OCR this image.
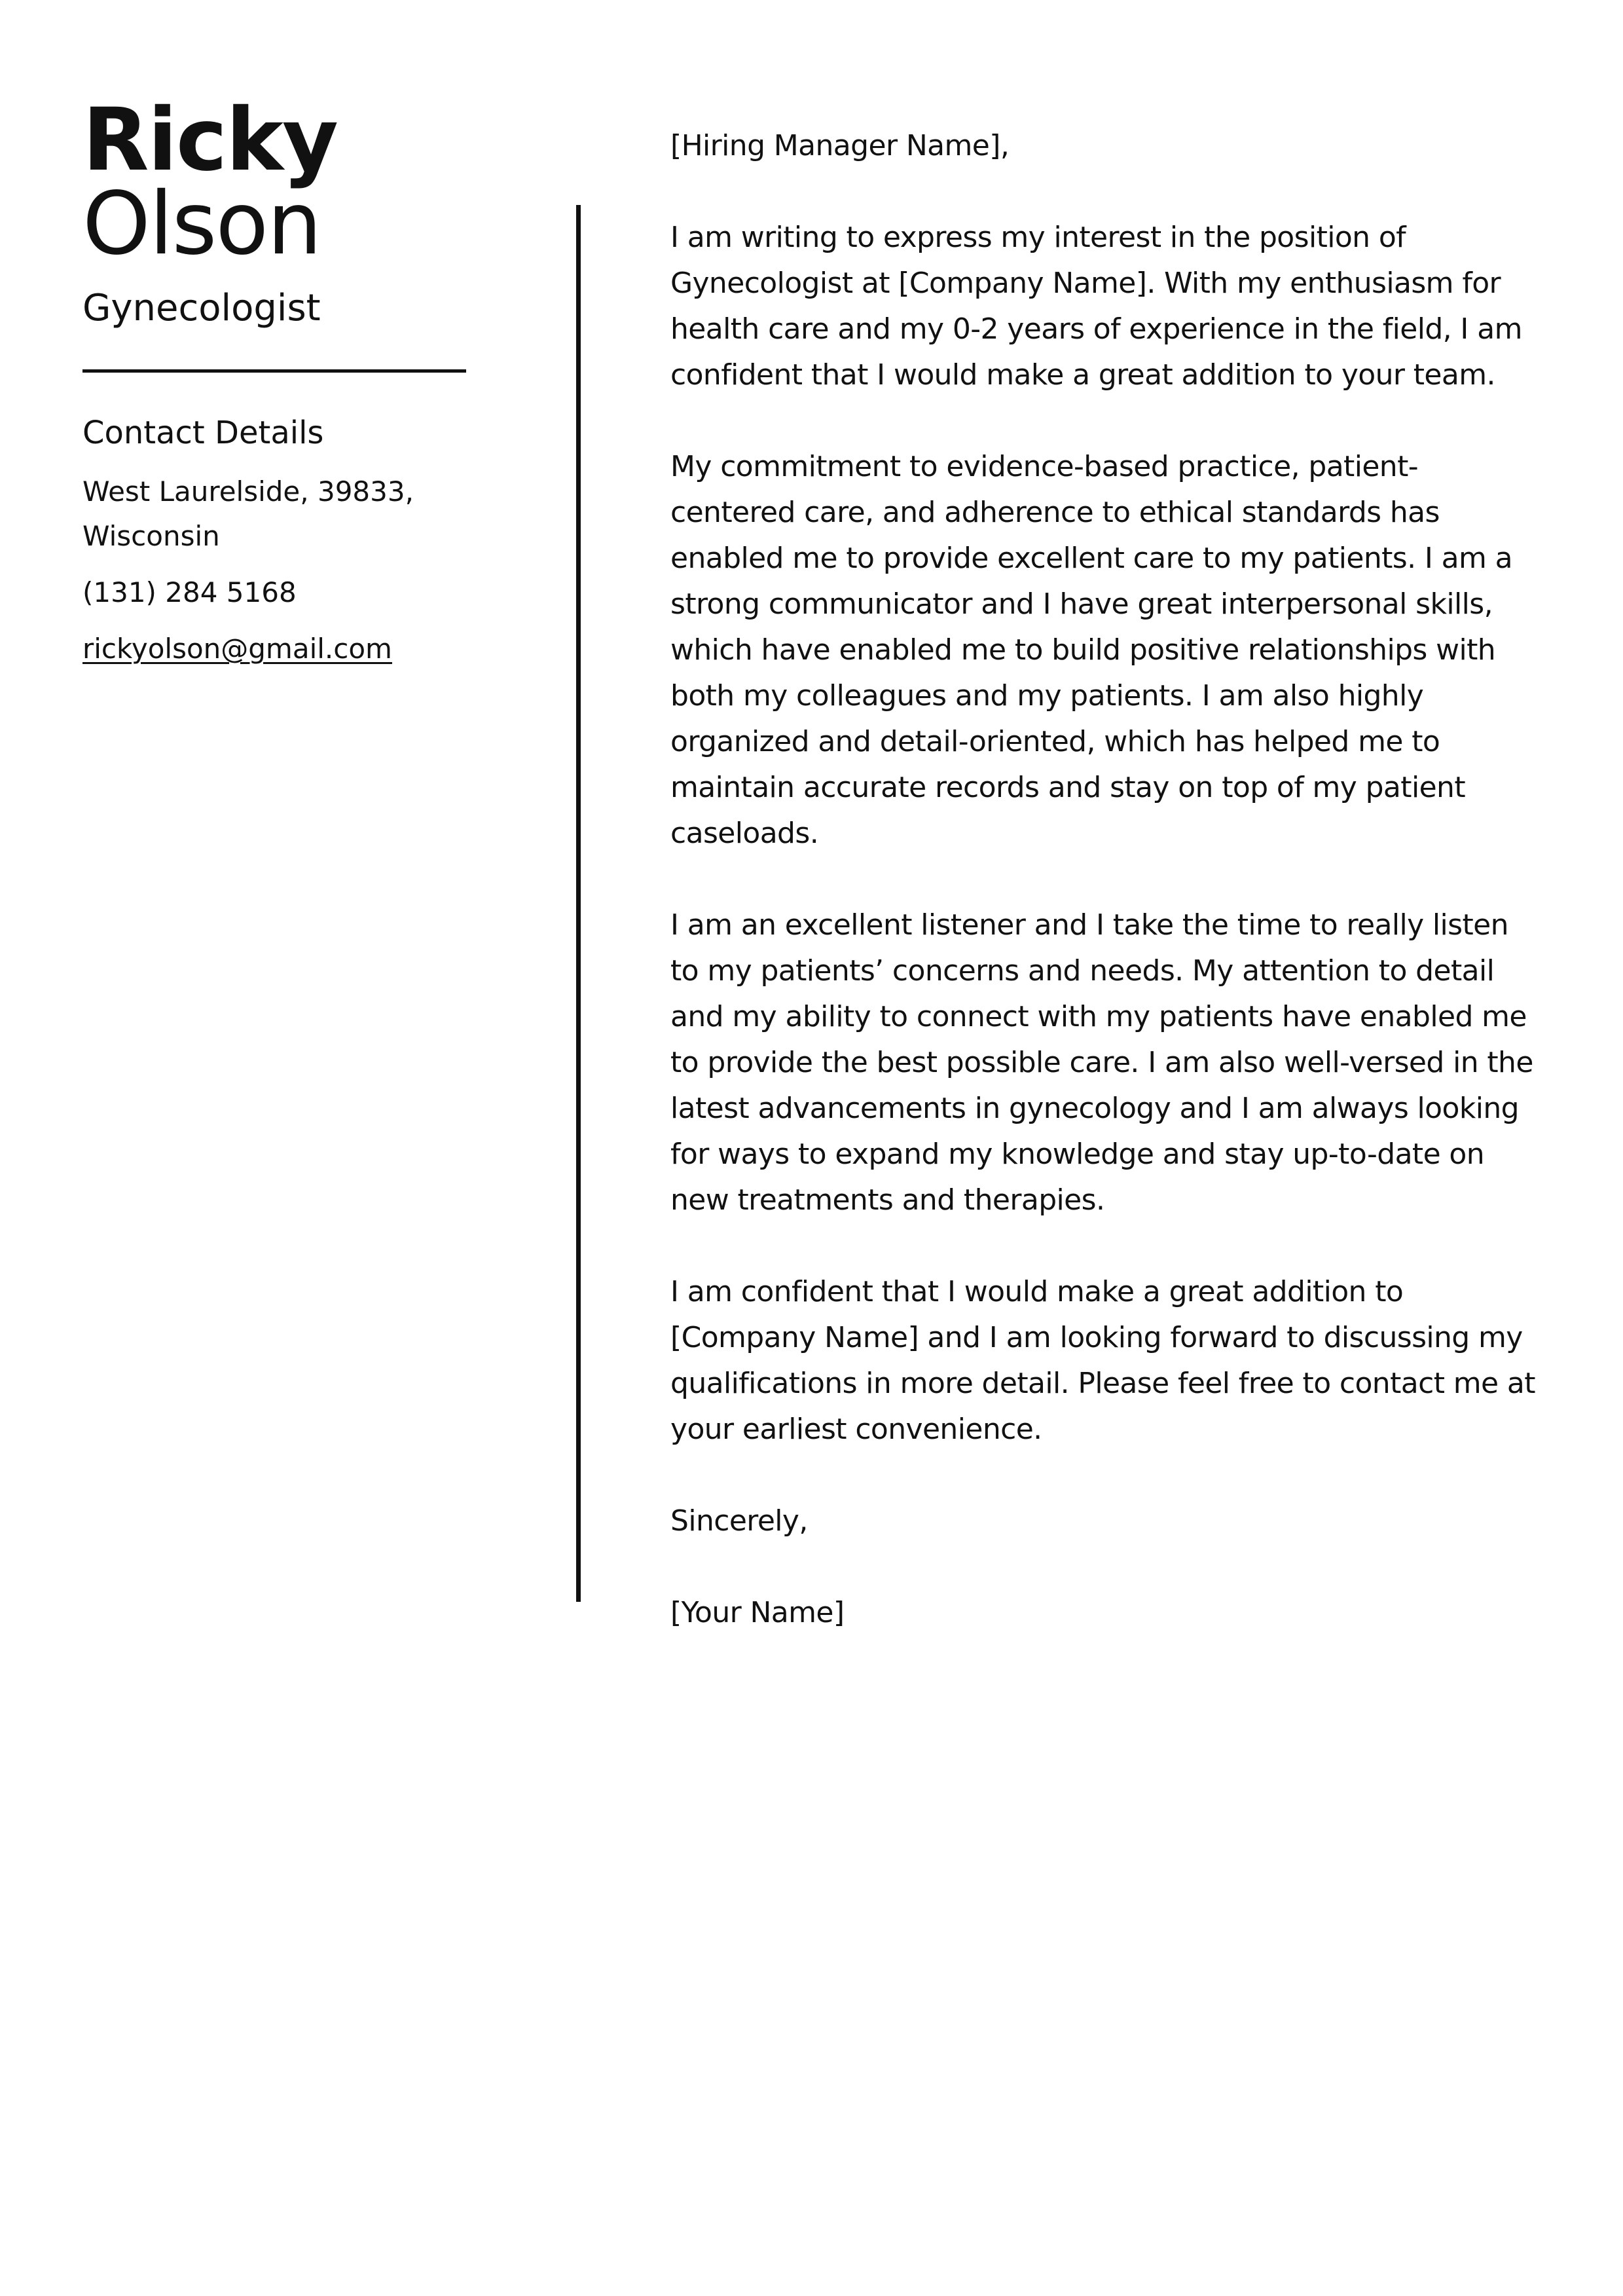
Ricky
Olson
Gynecologist
Contact Details
West Laurelside, 39833, Wisconsin
(131) 284 5168
rickyolson@gmail.com

[Hiring Manager Name],

I am writing to express my interest in the position of Gynecologist at [Company Name]. With my enthusiasm for health care and my 0-2 years of experience in the field, I am confident that I would make a great addition to your team.

My commitment to evidence-based practice, patient-centered care, and adherence to ethical standards has enabled me to provide excellent care to my patients. I am a strong communicator and I have great interpersonal skills, which have enabled me to build positive relationships with both my colleagues and my patients. I am also highly organized and detail-oriented, which has helped me to maintain accurate records and stay on top of my patient caseloads.

I am an excellent listener and I take the time to really listen to my patients’ concerns and needs. My attention to detail and my ability to connect with my patients have enabled me to provide the best possible care. I am also well-versed in the latest advancements in gynecology and I am always looking for ways to expand my knowledge and stay up-to-date on new treatments and therapies.

I am confident that I would make a great addition to [Company Name] and I am looking forward to discussing my qualifications in more detail. Please feel free to contact me at your earliest convenience.

Sincerely,

[Your Name]
